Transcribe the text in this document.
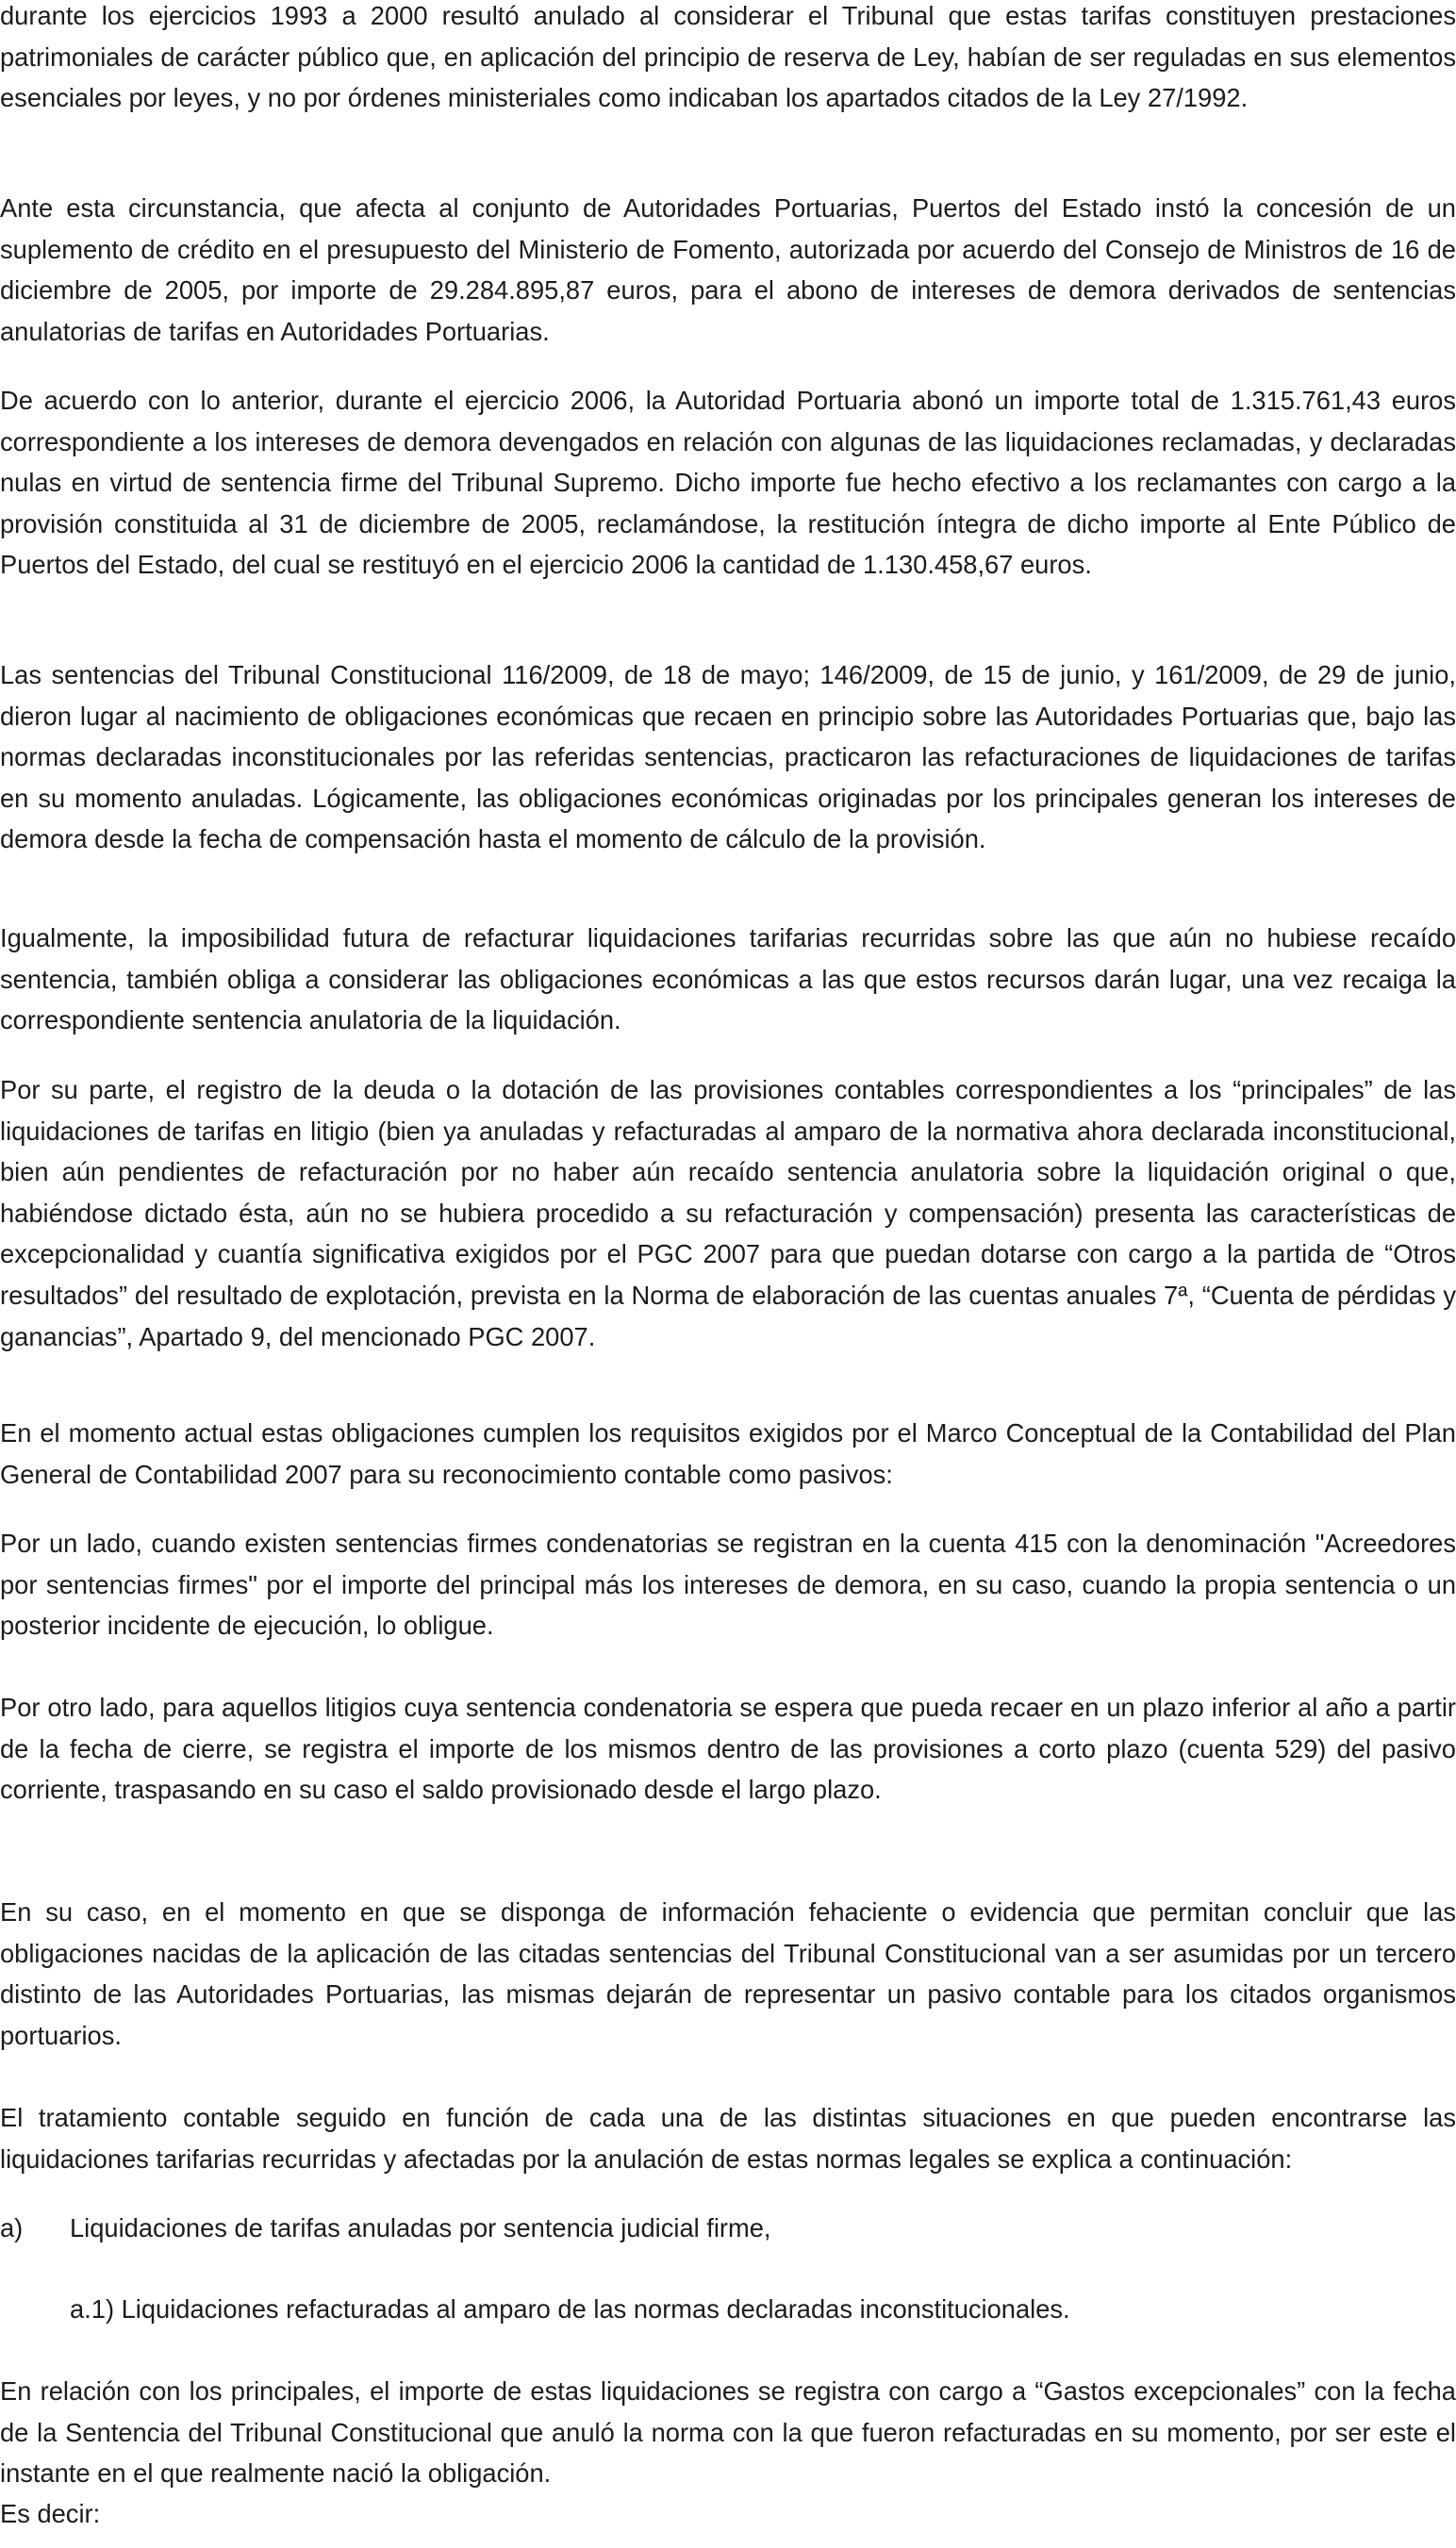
durante los ejercicios 1993 a 2000 resultó anulado al considerar el Tribunal que estas tarifas constituyen prestaciones patrimoniales de carácter público que, en aplicación del principio de reserva de Ley, habían de ser reguladas en sus elementos esenciales por leyes, y no por órdenes ministeriales como indicaban los apartados citados de la Ley 27/1992.

Ante esta circunstancia, que afecta al conjunto de Autoridades Portuarias, Puertos del Estado instó la concesión de un suplemento de crédito en el presupuesto del Ministerio de Fomento, autorizada por acuerdo del Consejo de Ministros de 16 de diciembre de 2005, por importe de 29.284.895,87 euros, para el abono de intereses de demora derivados de sentencias anulatorias de tarifas en Autoridades Portuarias.

De acuerdo con lo anterior, durante el ejercicio 2006, la Autoridad Portuaria abonó un importe total de 1.315.761,43 euros correspondiente a los intereses de demora devengados en relación con algunas de las liquidaciones reclamadas, y declaradas nulas en virtud de sentencia firme del Tribunal Supremo. Dicho importe fue hecho efectivo a los reclamantes con cargo a la provisión constituida al 31 de diciembre de 2005, reclamándose, la restitución íntegra de dicho importe al Ente Público de Puertos del Estado, del cual se restituyó en el ejercicio 2006 la cantidad de 1.130.458,67 euros.

Las sentencias del Tribunal Constitucional 116/2009, de 18 de mayo; 146/2009, de 15 de junio, y 161/2009, de 29 de junio, dieron lugar al nacimiento de obligaciones económicas que recaen en principio sobre las Autoridades Portuarias que, bajo las normas declaradas inconstitucionales por las referidas sentencias, practicaron las refacturaciones de liquidaciones de tarifas en su momento anuladas. Lógicamente, las obligaciones económicas originadas por los principales generan los intereses de demora desde la fecha de compensación hasta el momento de cálculo de la provisión.

Igualmente, la imposibilidad futura de refacturar liquidaciones tarifarias recurridas sobre las que aún no hubiese recaído sentencia, también obliga a considerar las obligaciones económicas a las que estos recursos darán lugar, una vez recaiga la correspondiente sentencia anulatoria de la liquidación.

Por su parte, el registro de la deuda o la dotación de las provisiones contables correspondientes a los “principales” de las liquidaciones de tarifas en litigio (bien ya anuladas y refacturadas al amparo de la normativa ahora declarada inconstitucional, bien aún pendientes de refacturación por no haber aún recaído sentencia anulatoria sobre la liquidación original o que, habiéndose dictado ésta, aún no se hubiera procedido a su refacturación y compensación) presenta las características de excepcionalidad y cuantía significativa exigidos por el PGC 2007 para que puedan dotarse con cargo a la partida de “Otros resultados” del resultado de explotación, prevista en la Norma de elaboración de las cuentas anuales 7ª, “Cuenta de pérdidas y ganancias”, Apartado 9, del mencionado PGC 2007.

En el momento actual estas obligaciones cumplen los requisitos exigidos por el Marco Conceptual de la Contabilidad del Plan General de Contabilidad 2007 para su reconocimiento contable como pasivos:

Por un lado, cuando existen sentencias firmes condenatorias se registran en la cuenta 415 con la denominación "Acreedores por sentencias firmes" por el importe del principal más los intereses de demora, en su caso, cuando la propia sentencia o un posterior incidente de ejecución, lo obligue.

Por otro lado, para aquellos litigios cuya sentencia condenatoria se espera que pueda recaer en un plazo inferior al año a partir de la fecha de cierre, se registra el importe de los mismos dentro de las provisiones a corto plazo (cuenta 529) del pasivo corriente, traspasando en su caso el saldo provisionado desde el largo plazo.

En su caso, en el momento en que se disponga de información fehaciente o evidencia que permitan concluir que las obligaciones nacidas de la aplicación de las citadas sentencias del Tribunal Constitucional van a ser asumidas por un tercero distinto de las Autoridades Portuarias, las mismas dejarán de representar un pasivo contable para los citados organismos portuarios.

El tratamiento contable seguido en función de cada una de las distintas situaciones en que pueden encontrarse las liquidaciones tarifarias recurridas y afectadas por la anulación de estas normas legales se explica a continuación:

a) Liquidaciones de tarifas anuladas por sentencia judicial firme,

a.1) Liquidaciones refacturadas al amparo de las normas declaradas inconstitucionales.

En relación con los principales, el importe de estas liquidaciones se registra con cargo a “Gastos excepcionales” con la fecha de la Sentencia del Tribunal Constitucional que anuló la norma con la que fueron refacturadas en su momento, por ser este el instante en el que realmente nació la obligación.

Es decir:
